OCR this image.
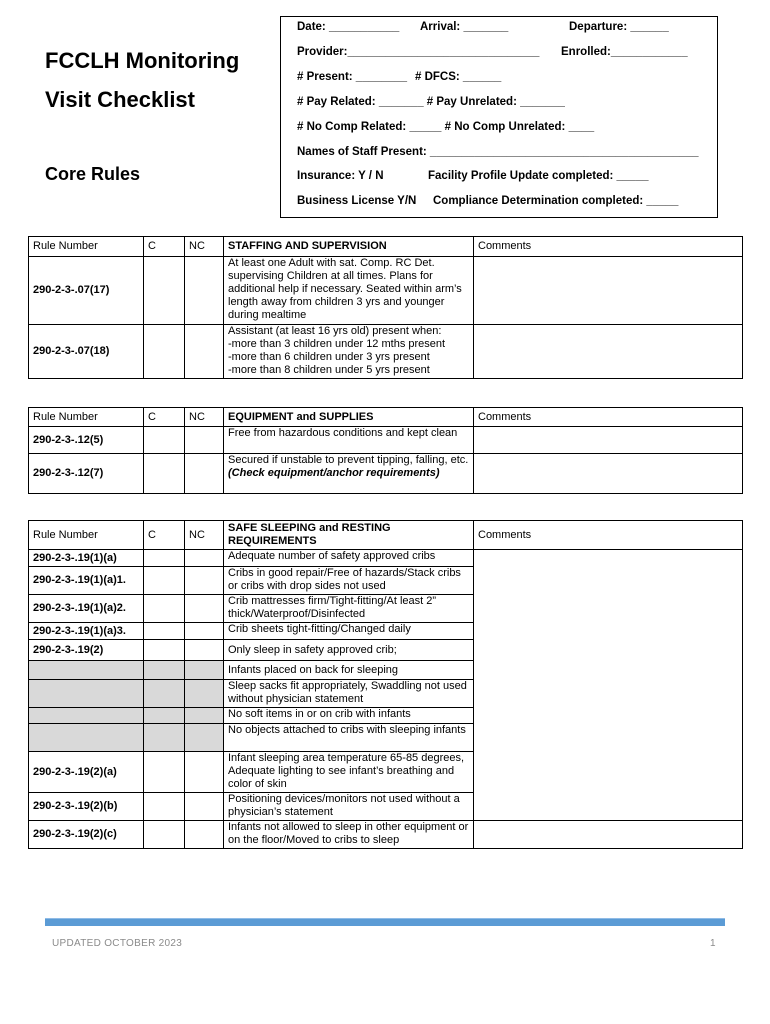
FCCLH Monitoring
Visit Checklist
Core Rules
Date: ___________ Arrival: _______	Departure: ______
Provider:______________________________ Enrolled:____________
# Present: ________ # DFCS: ______
# Pay Related: _______ # Pay Unrelated: _______
# No Comp Related: _____ # No Comp Unrelated: ____
Names of Staff Present: __________________________________________
Insurance: Y / N	Facility Profile Update completed: _____
Business License Y/N Compliance Determination completed: _____
Rule Number	C	NC	STAFFING AND SUPERVISION	Comments
290-2-3-.07(17)			At least one Adult with sat. Comp. RC Det. supervising Children at all times. Plans for additional help if necessary. Seated within arm’s length away from children 3 yrs and younger during mealtime	
290-2-3-.07(18)			Assistant (at least 16 yrs old) present when:
-more than 3 children under 12 mths present
-more than 6 children under 3 yrs present
-more than 8 children under 5 yrs present	
Rule Number	C	NC	EQUIPMENT and SUPPLIES	Comments
290-2-3-.12(5)			Free from hazardous conditions and kept clean	
290-2-3-.12(7)			Secured if unstable to prevent tipping, falling, etc.
(Check equipment/anchor requirements)	

Rule Number	C	NC	SAFE SLEEPING and RESTING REQUIREMENTS	Comments
290-2-3-.19(1)(a)			Adequate number of safety approved cribs	
290-2-3-.19(1)(a)1.			Cribs in good repair/Free of hazards/Stack cribs or cribs with drop sides not used	
290-2-3-.19(1)(a)2.			Crib mattresses firm/Tight-fitting/At least 2” thick/Waterproof/Disinfected	
290-2-3-.19(1)(a)3.			Crib sheets tight-fitting/Changed daily	
290-2-3-.19(2)			Only sleep in safety approved crib;	
			Infants placed on back for sleeping	
			Sleep sacks fit appropriately, Swaddling not used without physician statement	
			No soft items in or on crib with infants	
			No objects attached to cribs with sleeping infants	
290-2-3-.19(2)(a)			Infant sleeping area temperature 65-85 degrees, Adequate lighting to see infant’s breathing and color of skin	
290-2-3-.19(2)(b)			Positioning devices/monitors not used without a physician’s statement	
290-2-3-.19(2)(c)			Infants not allowed to sleep in other equipment or on the floor/Moved to cribs to sleep	
UPDATED OCTOBER 2023	1
